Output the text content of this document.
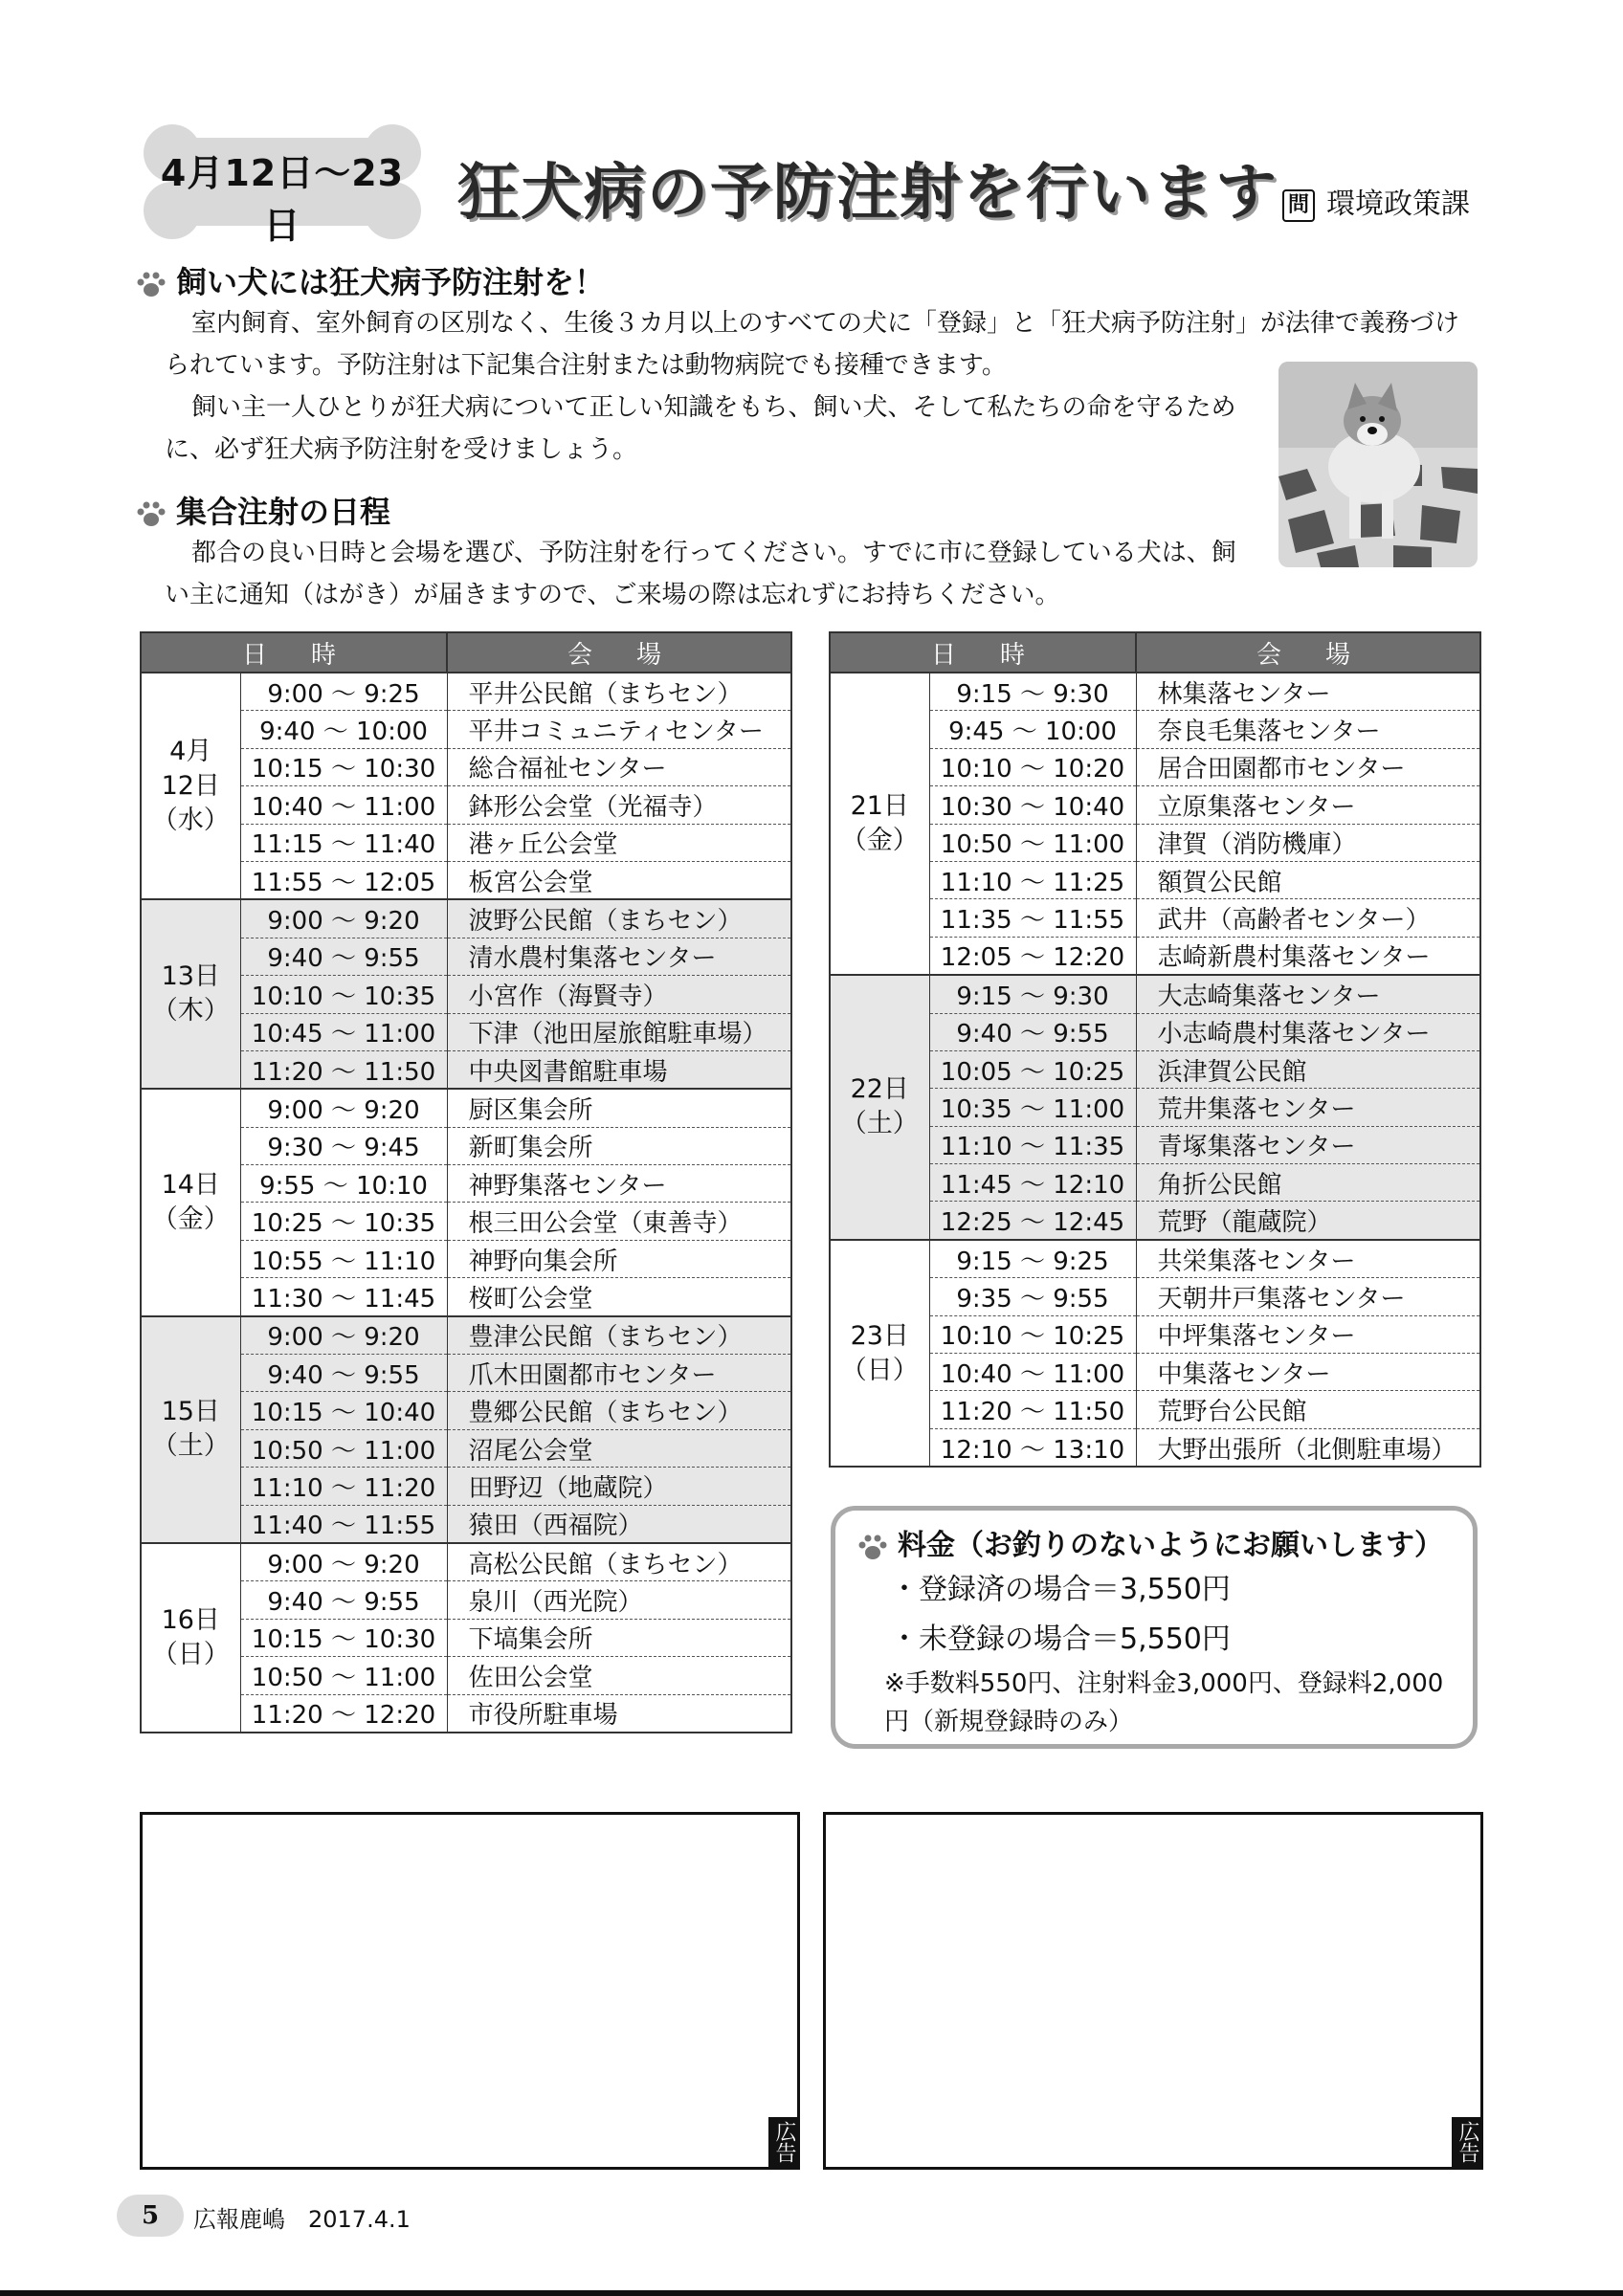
4月12日～23日	狂犬病の予防注射を行います 問 環境政策課
飼い犬には狂犬病予防注射を！

室内飼育、室外飼育の区別なく、生後３カ月以上のすべての犬に「登録」と「狂犬病予防注射」が法律で義務づけられています。予防注射は下記集合注射または動物病院でも接種できます。

飼い主一人ひとりが狂犬病について正しい知識をもち、飼い犬、そして私たちの命を守るために、必ず狂犬病予防注射を受けましょう。

集合注射の日程

都合の良い日時と会場を選び、予防注射を行ってください。すでに市に登録している犬は、飼い主に通知（はがき）が届きますので、ご来場の際は忘れずにお持ちください。

日　時		会　場
4月
12日
（水）	9:00 ～ 9:25	平井公民館（まちセン）
	9:40 ～ 10:00	平井コミュニティセンター
	10:15 ～ 10:30	総合福祉センター
	10:40 ～ 11:00	鉢形公会堂（光福寺）
	11:15 ～ 11:40	港ヶ丘公会堂
	11:55 ～ 12:05	板宮公会堂
13日
（木）	9:00 ～ 9:20	波野公民館（まちセン）
	9:40 ～ 9:55	清水農村集落センター
	10:10 ～ 10:35	小宮作（海賢寺）
	10:45 ～ 11:00	下津（池田屋旅館駐車場）
	11:20 ～ 11:50	中央図書館駐車場
14日
（金）	9:00 ～ 9:20	厨区集会所
	9:30 ～ 9:45	新町集会所
	9:55 ～ 10:10	神野集落センター
	10:25 ～ 10:35	根三田公会堂（東善寺）
	10:55 ～ 11:10	神野向集会所
	11:30 ～ 11:45	桜町公会堂
15日
（土）	9:00 ～ 9:20	豊津公民館（まちセン）
	9:40 ～ 9:55	爪木田園都市センター
	10:15 ～ 10:40	豊郷公民館（まちセン）
	10:50 ～ 11:00	沼尾公会堂
	11:10 ～ 11:20	田野辺（地蔵院）
	11:40 ～ 11:55	猿田（西福院）
16日
（日）	9:00 ～ 9:20	高松公民館（まちセン）
	9:40 ～ 9:55	泉川（西光院）
	10:15 ～ 10:30	下塙集会所
	10:50 ～ 11:00	佐田公会堂
	11:20 ～ 12:20	市役所駐車場
日　時		会　場
21日
（金）	9:15 ～ 9:30	林集落センター
	9:45 ～ 10:00	奈良毛集落センター
	10:10 ～ 10:20	居合田園都市センター
	10:30 ～ 10:40	立原集落センター
	10:50 ～ 11:00	津賀（消防機庫）
	11:10 ～ 11:25	額賀公民館
	11:35 ～ 11:55	武井（高齢者センター）
	12:05 ～ 12:20	志崎新農村集落センター
22日
（土）	9:15 ～ 9:30	大志崎集落センター
	9:40 ～ 9:55	小志崎農村集落センター
	10:05 ～ 10:25	浜津賀公民館
	10:35 ～ 11:00	荒井集落センター
	11:10 ～ 11:35	青塚集落センター
	11:45 ～ 12:10	角折公民館
	12:25 ～ 12:45	荒野（龍蔵院）
23日
（日）	9:15 ～ 9:25	共栄集落センター
	9:35 ～ 9:55	天朝井戸集落センター
	10:10 ～ 10:25	中坪集落センター
	10:40 ～ 11:00	中集落センター
	11:20 ～ 11:50	荒野台公民館
	12:10 ～ 13:10	大野出張所（北側駐車場）
料金（お釣りのないようにお願いします）
・登録済の場合＝3,550円
・未登録の場合＝5,550円
※手数料550円、注射料金3,000円、登録料2,000円（新規登録時のみ）
広告	広告
5	広報鹿嶋　2017.4.1
